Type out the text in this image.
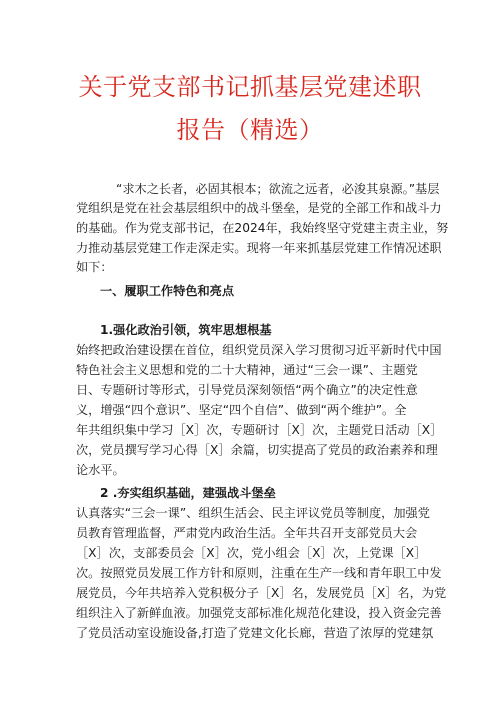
关于党支部书记抓基层党建述职
报告（精选）
“求木之长者，必固其根本；欲流之远者，必浚其泉源。”基层
党组织是党在社会基层组织中的战斗堡垒，是党的全部工作和战斗力
的基础。作为党支部书记，在2024年，我始终坚守党建主责主业，努
力推动基层党建工作走深走实。现将一年来抓基层党建工作情况述职
如下：
一、履职工作特色和亮点
1.强化政治引领，筑牢思想根基
始终把政治建设摆在首位，组织党员深入学习贯彻习近平新时代中国
特色社会主义思想和党的二十大精神，通过“三会一课”、主题党
日、专题研讨等形式，引导党员深刻领悟“两个确立”的决定性意
义，增强“四个意识”、坚定“四个自信”、做到“两个维护”。全
年共组织集中学习［X］次，专题研讨［X］次，主题党日活动［X］
次，党员撰写学习心得［X］余篇，切实提高了党员的政治素养和理
论水平。
2 .夯实组织基础，建强战斗堡垒
认真落实“三会一课”、组织生活会、民主评议党员等制度，加强党
员教育管理监督，严肃党内政治生活。全年共召开支部党员大会
［X］次，支部委员会［X］次，党小组会［X］次，上党课［X］
次。按照党员发展工作方针和原则，注重在生产一线和青年职工中发
展党员，今年共培养入党积极分子［X］名，发展党员［X］名，为党
组织注入了新鲜血液。加强党支部标准化规范化建设，投入资金完善
了党员活动室设施设备,打造了党建文化长廊，营造了浓厚的党建氛
